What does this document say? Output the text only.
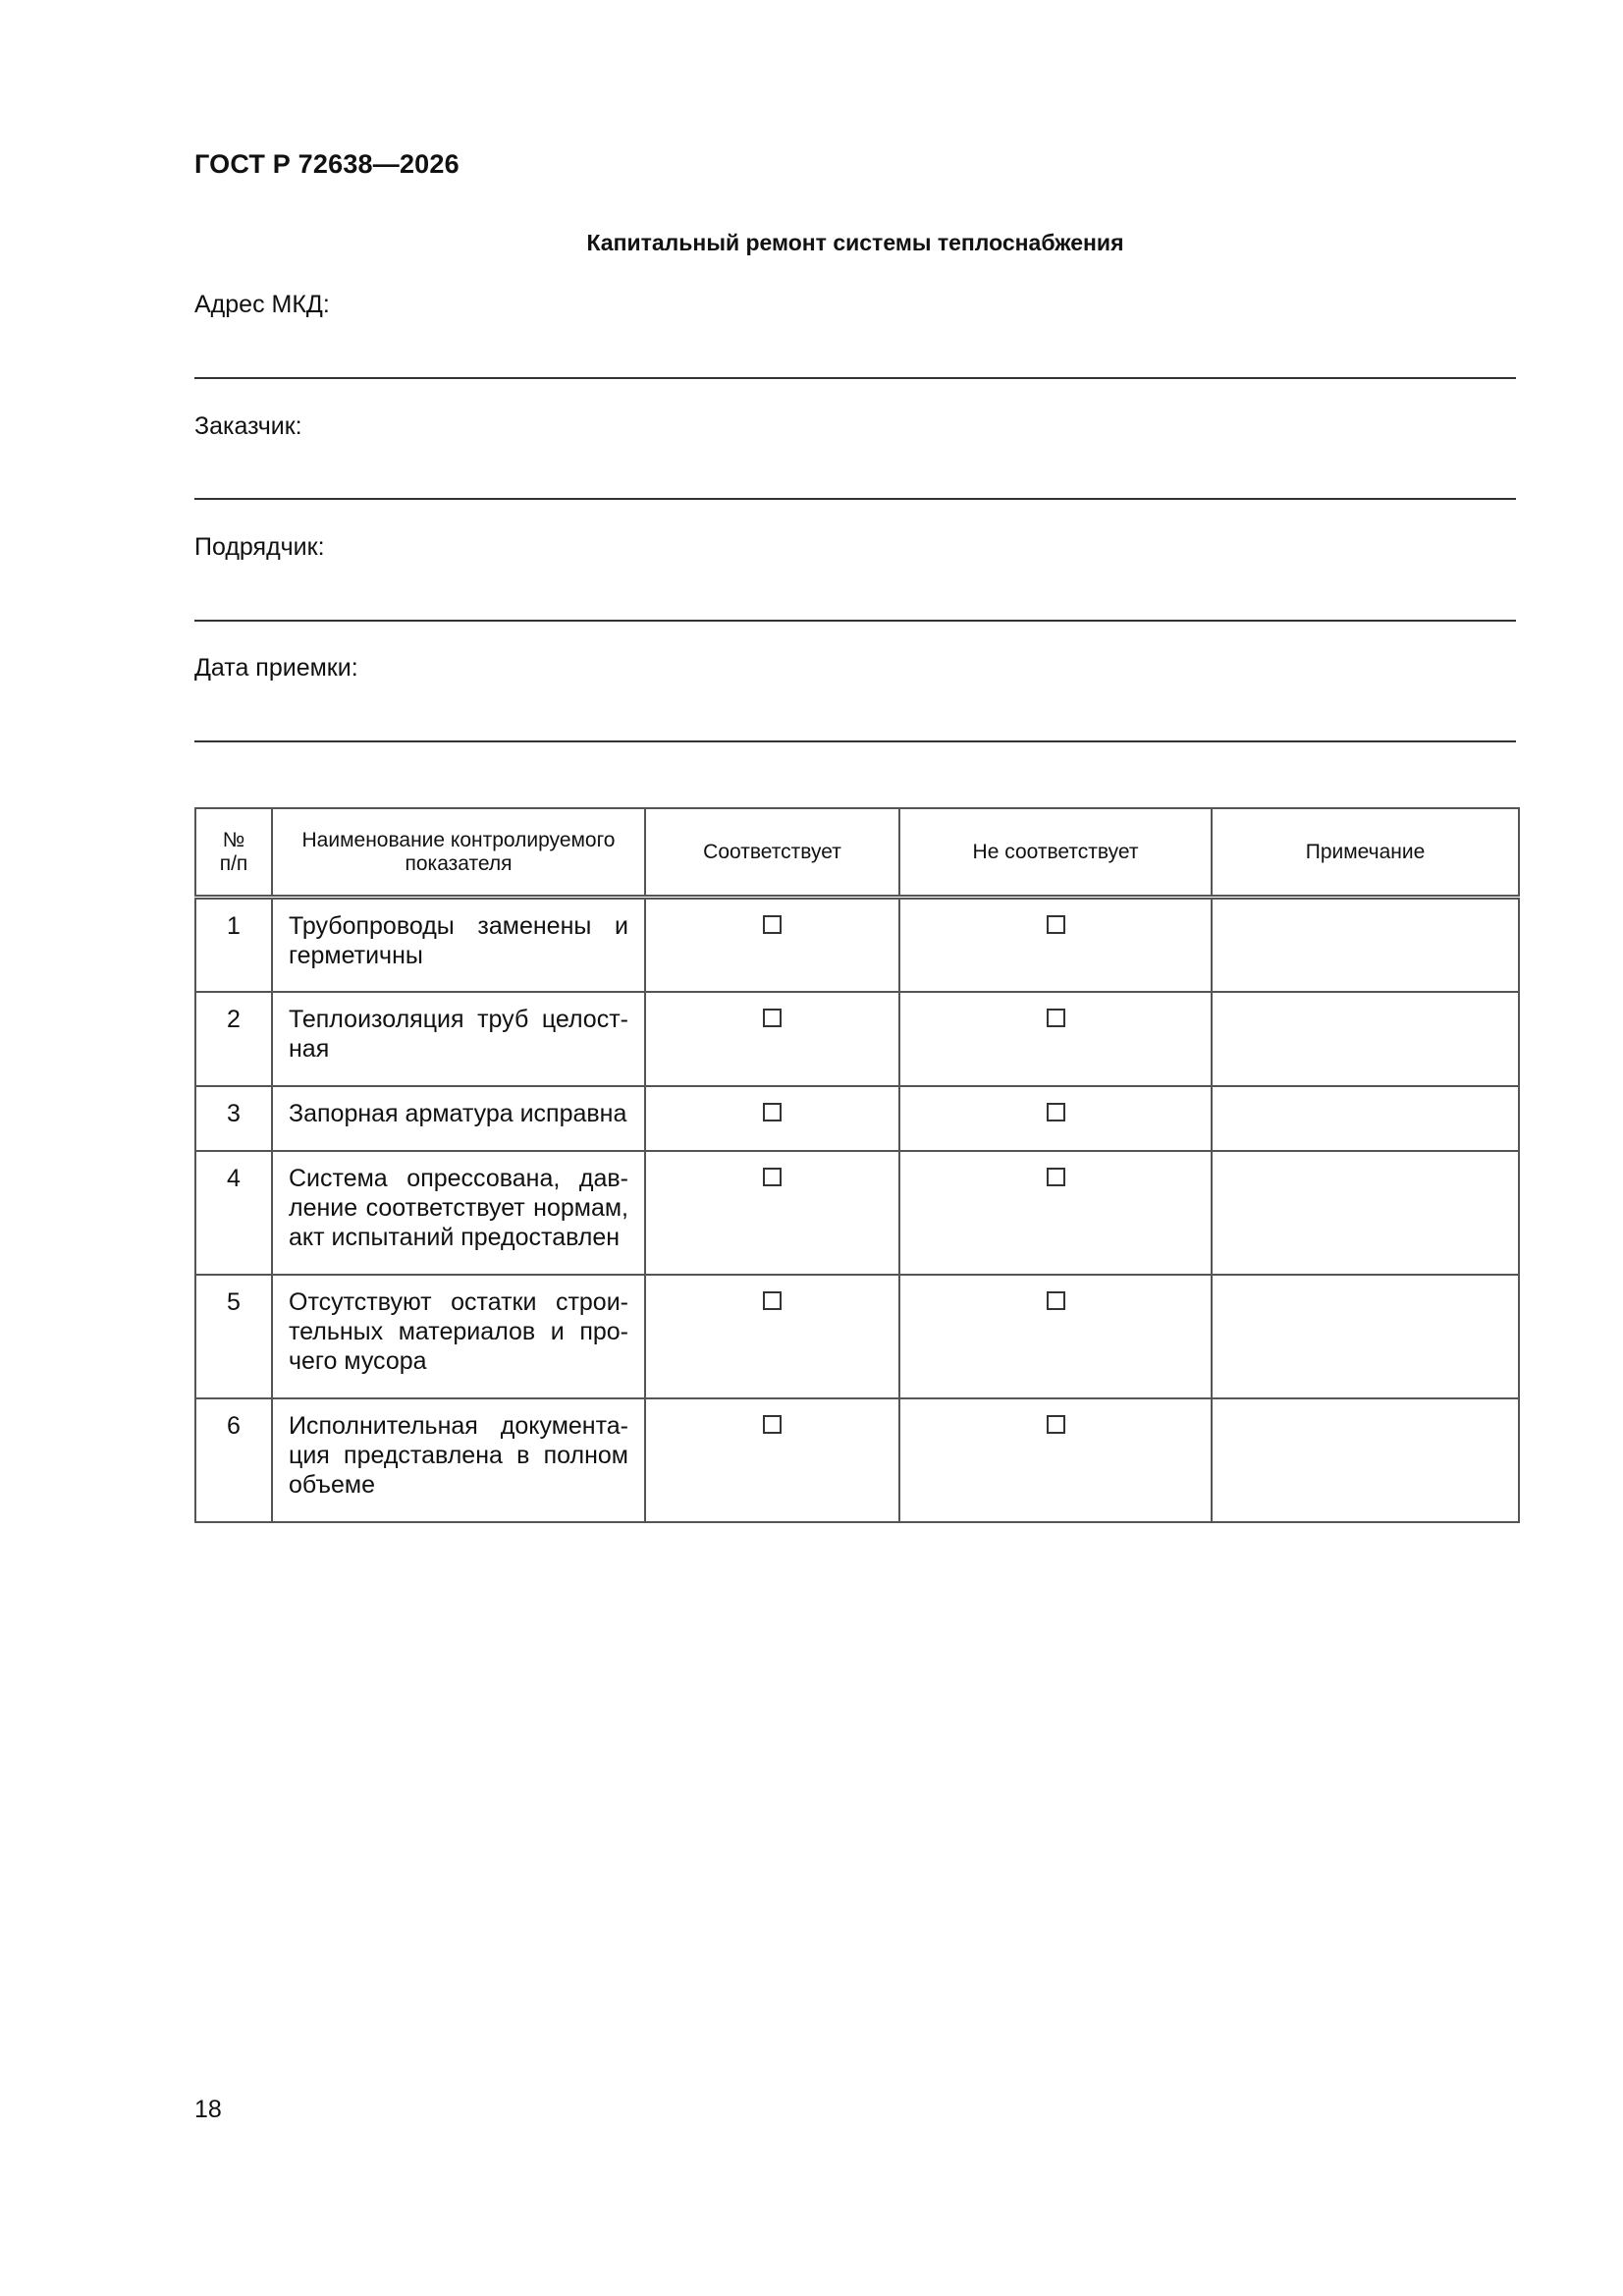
ГОСТ Р 72638—2026
Капитальный ремонт системы теплоснабжения
Адрес МКД:
Заказчик:
Подрядчик:
Дата приемки:
№
п/п	Наименование контролируемого показателя	Соответствует	Не соответствует	Примечание
1	Трубопроводы заменены и герметичны			
2	Теплоизоляция труб целост-ная			
3	Запорная арматура исправна			
4	Система опрессована, дав-ление соответствует нормам, акт испытаний предоставлен			
5	Отсутствуют остатки строи-тельных материалов и про-чего мусора			
6	Исполнительная документа-ция представлена в полном объеме			
18
